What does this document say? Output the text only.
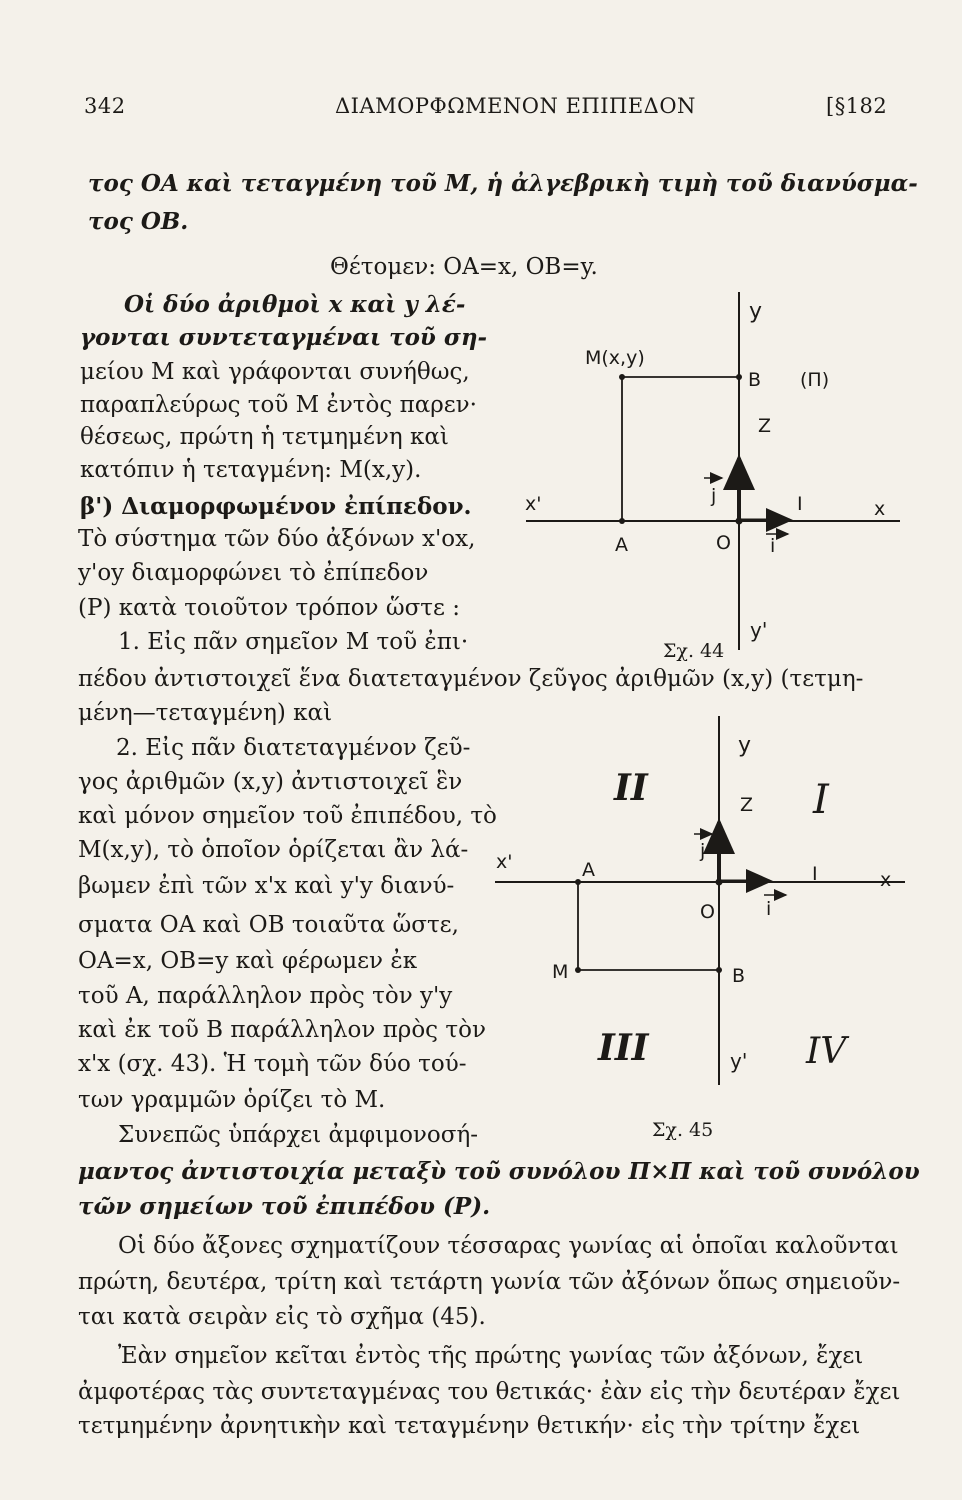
342	ΔΙΑΜΟΡΦΩΜΕΝΟΝ ΕΠΙΠΕΔΟΝ	[§182
τος OA καὶ τεταγμένη τοῦ M, ἡ ἀλγεβρικὴ τιμὴ τοῦ διανύσμα-
τος OB.
Θέτομεν: OA=x, OB=y.
Οἱ δύο ἀριθμοὶ x καὶ y λέ-
γονται συντεταγμέναι τοῦ ση-
μείου M καὶ γράφονται συνήθως,
παραπλεύρως τοῦ M ἐντὸς παρεν·
θέσεως, πρώτη ἡ τετμημένη καὶ
κατόπιν ἡ τεταγμένη: M(x,y).
β') Διαμορφωμένον ἐπίπεδον.
Τὸ σύστημα τῶν δύο ἀξόνων x'ox,
y'oy διαμορφώνει τὸ ἐπίπεδον
(P) κατὰ τοιοῦτον τρόπον ὥστε :
1. Εἰς πᾶν σημεῖον M τοῦ ἐπι·
πέδου ἀντιστοιχεῖ ἕνα διατεταγμένον ζεῦγος ἀριθμῶν (x,y) (τετμη-
μένη—τεταγμένη) καὶ
2. Εἰς πᾶν διατεταγμένον ζεῦ-
γος ἀριθμῶν (x,y) ἀντιστοιχεῖ ἓν
καὶ μόνον σημεῖον τοῦ ἐπιπέδου, τὸ
M(x,y), τὸ ὁποῖον ὁρίζεται ἂν λά-
βωμεν ἐπὶ τῶν x'x καὶ y'y διανύ-
σματα OA καὶ OB τοιαῦτα ὥστε,
OA=x, OB=y καὶ φέρωμεν ἐκ
τοῦ A, παράλληλον πρὸς τὸν y'y
καὶ ἐκ τοῦ B παράλληλον πρὸς τὸν
x'x (σχ. 43). Ἡ τομὴ τῶν δύο τού-
των γραμμῶν ὁρίζει τὸ M.
Συνεπῶς ὑπάρχει ἀμφιμονοσή-
μαντος ἀντιστοιχία μεταξὺ τοῦ συνόλου Π×Π καὶ τοῦ συνόλου
τῶν σημείων τοῦ ἐπιπέδου (P).
Οἱ δύο ἄξονες σχηματίζουν τέσσαρας γωνίας αἱ ὁποῖαι καλοῦνται
πρώτη, δευτέρα, τρίτη καὶ τετάρτη γωνία τῶν ἀξόνων ὅπως σημειοῦν-
ται κατὰ σειρὰν εἰς τὸ σχῆμα (45).
Ἐὰν σημεῖον κεῖται ἐντὸς τῆς πρώτης γωνίας τῶν ἀξόνων, ἔχει
ἀμφοτέρας τὰς συντεταγμένας του θετικάς· ἐὰν εἰς τὴν δευτέραν ἔχει
τετμημένην ἀρνητικὴν καὶ τεταγμένην θετικήν· εἰς τὴν τρίτην ἔχει
y
M(x,y)
B (Π)
Z
j	I	x
x'
A	O i
y'
Σχ. 44
y
Z
j
x'	A	I	x
O	i
M	B
y'
I
II
III	IV
Σχ. 45
